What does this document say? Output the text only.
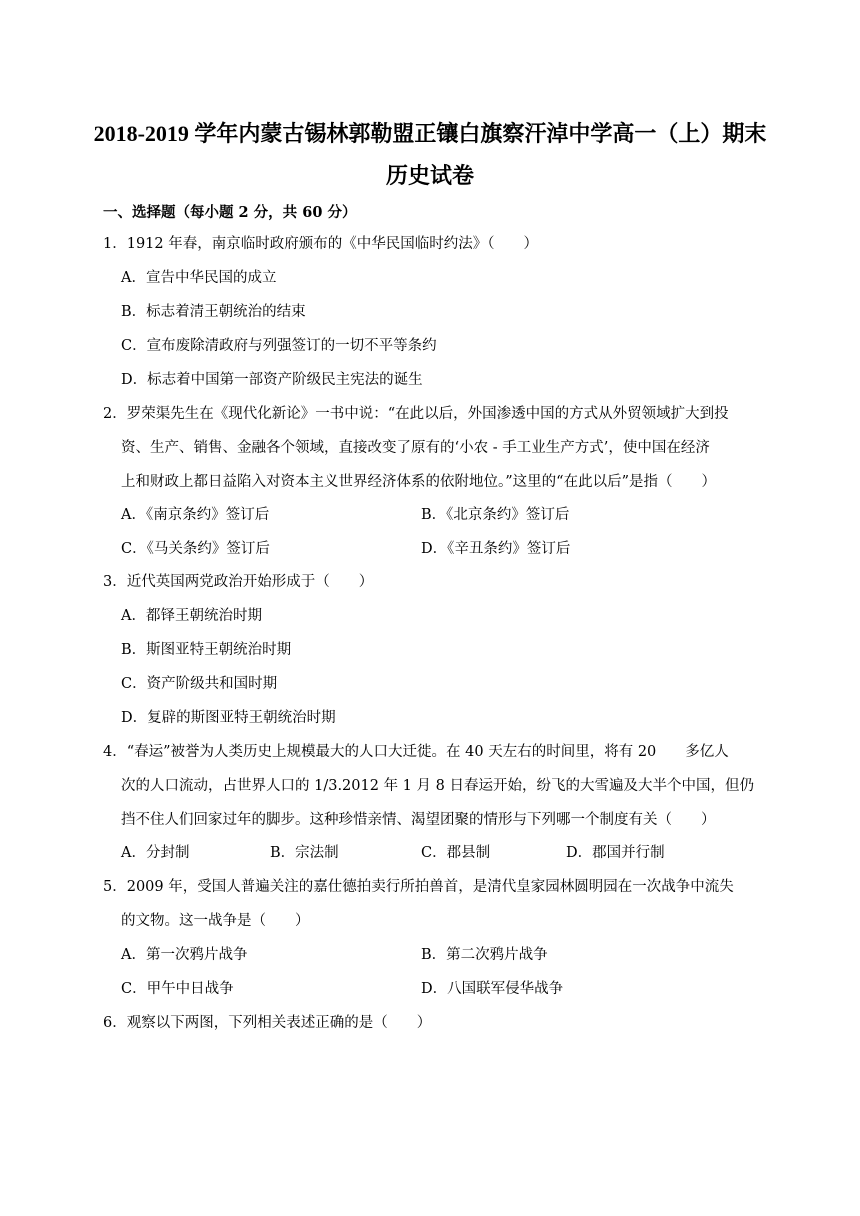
2018-2019 学年内蒙古锡林郭勒盟正镶白旗察汗淖中学高一（上）期末
历史试卷
一、选择题（每小题 2 分，共 60 分）
1．1912 年春，南京临时政府颁布的《中华民国临时约法》（　　）
A．宣告中华民国的成立
B．标志着清王朝统治的结束
C．宣布废除清政府与列强签订的一切不平等条约
D．标志着中国第一部资产阶级民主宪法的诞生
2．罗荣渠先生在《现代化新论》一书中说：“在此以后，外国渗透中国的方式从外贸领域扩大到投
资、生产、销售、金融各个领域，直接改变了原有的‘小农 - 手工业生产方式’，使中国在经济
上和财政上都日益陷入对资本主义世界经济体系的依附地位。”这里的“在此以后”是指（　　）
A．《南京条约》签订后	B．《北京条约》签订后
C．《马关条约》签订后	D．《辛丑条约》签订后
3．近代英国两党政治开始形成于（　　）
A．都铎王朝统治时期
B．斯图亚特王朝统治时期
C．资产阶级共和国时期
D．复辟的斯图亚特王朝统治时期
4．“春运”被誉为人类历史上规模最大的人口大迁徙。在 40 天左右的时间里，将有 20　　多亿人
次的人口流动，占世界人口的 1/3.2012 年 1 月 8 日春运开始，纷飞的大雪遍及大半个中国，但仍
挡不住人们回家过年的脚步。这种珍惜亲情、渴望团聚的情形与下列哪一个制度有关（　　）
A．分封制	B．宗法制	C．郡县制	D．郡国并行制
5．2009 年，受国人普遍关注的嘉仕德拍卖行所拍兽首，是清代皇家园林圆明园在一次战争中流失
的文物。这一战争是（　　）
A．第一次鸦片战争	B．第二次鸦片战争
C．甲午中日战争	D．八国联军侵华战争
6．观察以下两图，下列相关表述正确的是（　　）
